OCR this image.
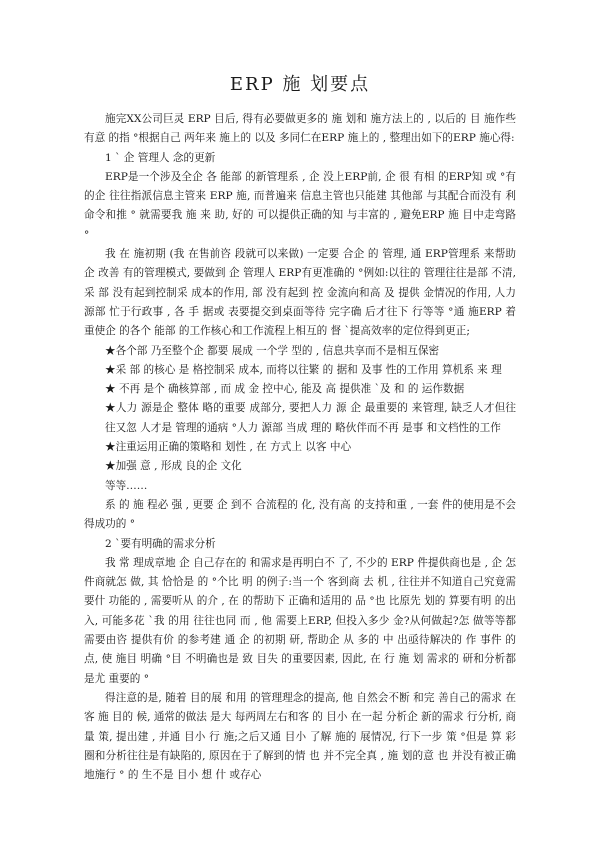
ERP 施 划要点

施完XX公司巨灵 ERP 目后, 得有必要做更多的 施 划和 施方法上的 , 以后的 目 施作些有意 的指 °根据自己 两年来 施上的 以及 多同仁在ERP 施上的 , 整理出如下的ERP 施心得:

1 ˋ 企 管理人 念的更新

ERP是一个涉及全企 各 能部 的新管理系 , 企 没上ERP前, 企 很 有相 的ERP知 或 °有的企 往往指派信息主管来 ERP 施, 而普遍来 信息主管也只能建 其他部 与其配合而没有 利命令和推 ° 就需要我 施 来 助, 好的 可以提供正确的知 与丰富的 , 避免ERP 施 目中走弯路 °

我 在 施初期 (我 在售前咨 段就可以来做) 一定要 合企 的 管理, 通 ERP管理系 来帮助企 改善 有的管理模式, 要做到 企 管理人 ERP有更准确的 °例如:以往的 管理往往是部 不清, 采 部 没有起到控制采 成本的作用, 部 没有起到 控 金流向和高 及 提供 金情况的作用, 人力 源部 忙于行政事 , 各 手 据或 表要提交到桌面等待 完字确 后才往下 行等等 °通 施ERP 着重使企 的各个 能部 的工作核心和工作流程上相互的 督 ˋ提高效率的定位得到更正;

★各个部 乃至整个企 都要 展成 一个学 型的 , 信息共享而不是相互保密

★采 部 的核心 是 格控制采 成本, 而将以往繁 的 据和 及事 性的工作用 算机系 来 理

★ 不再 是个 确核算部 , 而 成 金 控中心, 能及 高 提供准 ˋ及 和 的 运作数据

★人力 源是企 整体 略的重要 成部分, 要把人力 源 企 最重要的 来管理, 缺乏人才但往往又忽 人才是 管理的通病 °人力 源部 当成 理的 略伙伴而不再 是事 和文档性的工作

★注重运用正确的策略和 划性 , 在 方式上 以客 中心

★加强 意 , 形成 良的企 文化

等等……

系 的 施 程必 强 , 更要 企 到不 合流程的 化, 没有高 的支持和重 , 一套 件的使用是不会 得成功的 °

2 ˋ要有明确的需求分析

我 常 理成章地 企 自己存在的 和需求是再明白不 了, 不少的 ERP 件提供商也是 , 企 怎 件商就怎 做, 其 恰恰是 的 °个比 明 的例子:当一个 客到商 去 机 , 往往并不知道自己究竟需要什 功能的 , 需要听从 的介 , 在 的帮助下 正确和适用的 品 °也 比原先 划的 算要有明 的出入, 可能多花 ˋ我 的用 往往也同 而 , 他 需要上ERP, 但投入多少 金?从何做起?怎 做等等都需要由咨 提供有价 的参考建 通 企 的初期 研, 帮助企 从 多的 中 出亟待解决的 作 事件 的 点, 使 施目 明确 °目 不明确也是 致 目失 的重要因素, 因此, 在 行 施 划 需求的 研和分析都是尤 重要的 °

得注意的是, 随着 目的展 和用 的管理理念的提高, 他 自然会不断 和完 善自己的需求 在 客 施 目的 候, 通常的做法 是大 每两周左右和客 的 目小 在一起 分析企 新的需求 行分析, 商量 策, 提出建 , 并通 目小 行 施;之后又通 目小 了解 施的 展情况, 行下一步 策 °但是 算 彩圈和分析往往是有缺陷的, 原因在于了解到的情 也 并不完全真 , 施 划的意 也 并没有被正确地施行 ° 的 生不是 目小 想 什 或存心
